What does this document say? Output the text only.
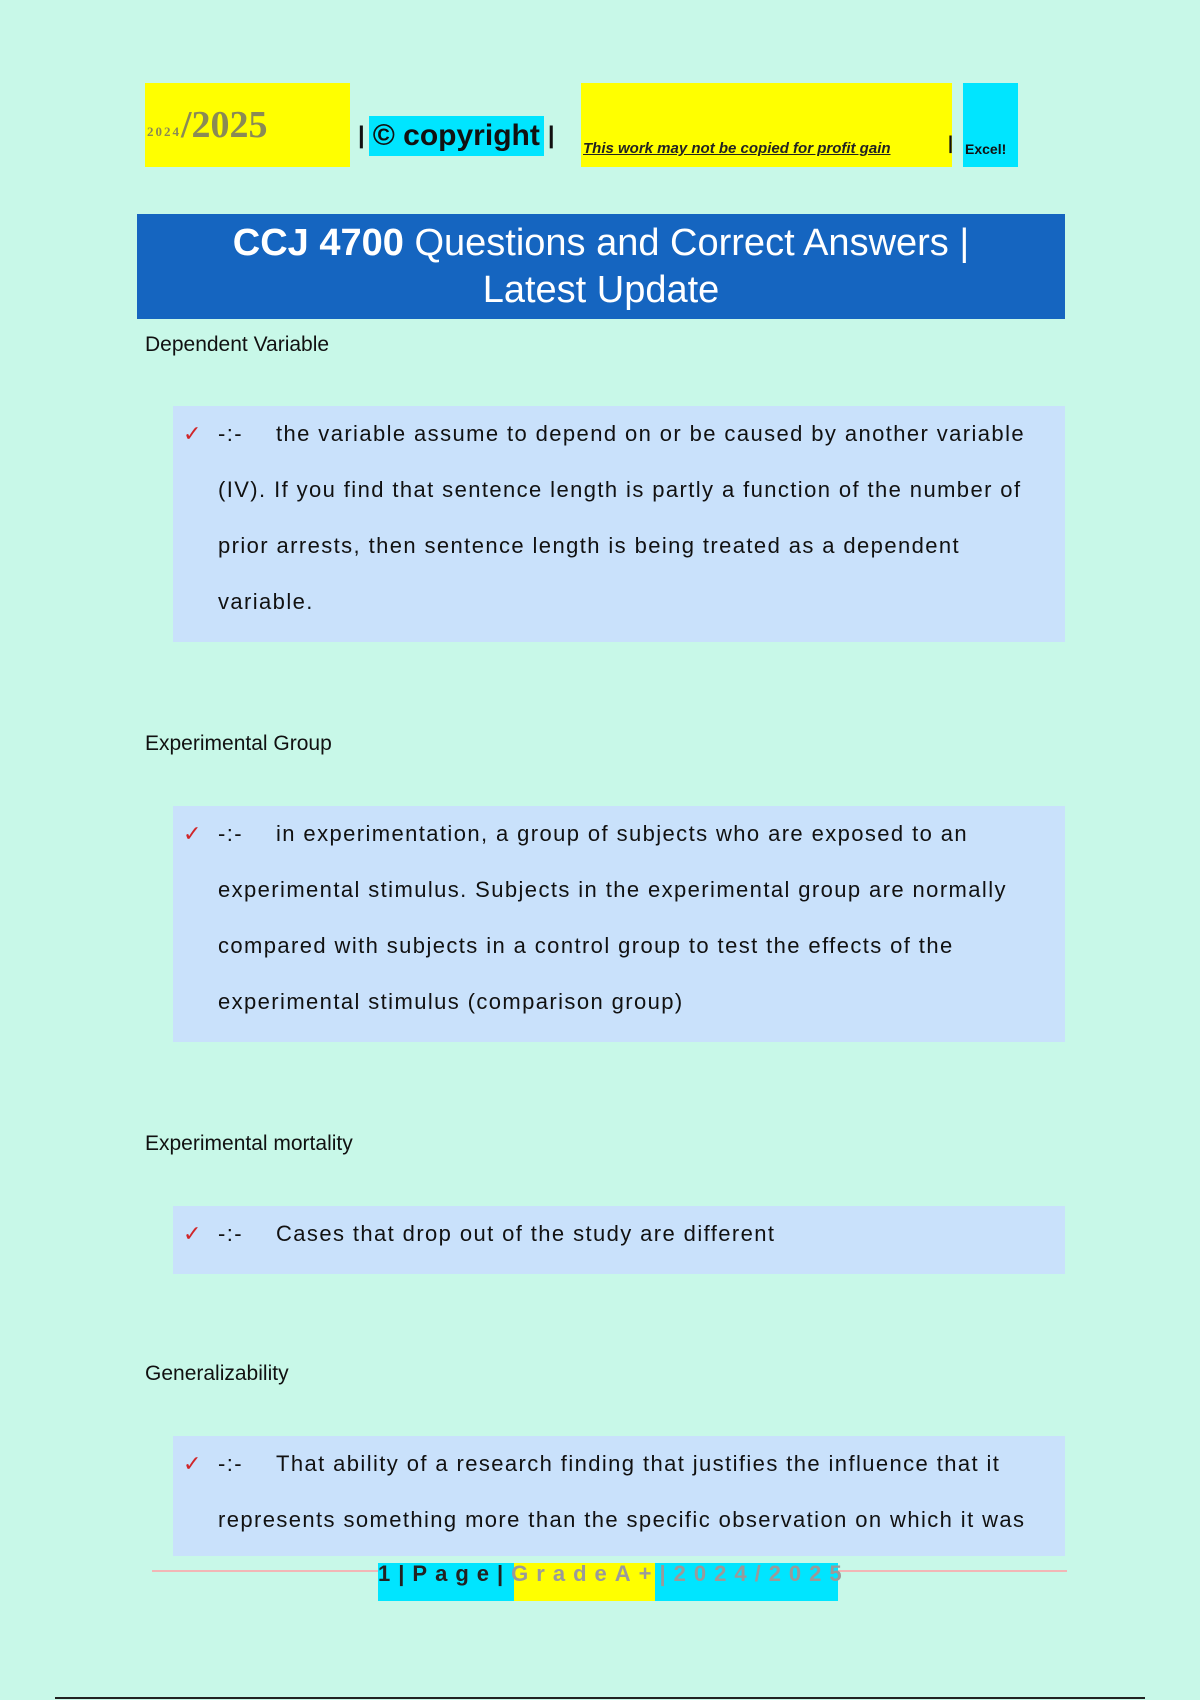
2024 /2025	| © copyright | This work may not be copied for profit gain	| Excel!
CCJ 4700 Questions and Correct Answers |
Latest Update
Dependent Variable
✓ -:- the variable assume to depend on or be caused by another variable
(IV). If you find that sentence length is partly a function of the number of
prior arrests, then sentence length is being treated as a dependent
variable.
Experimental Group
✓ -:- in experimentation, a group of subjects who are exposed to an
experimental stimulus. Subjects in the experimental group are normally
compared with subjects in a control group to test the effects of the
experimental stimulus (comparison group)
Experimental mortality
✓ -:- Cases that drop out of the study are different
Generalizability
✓ -:- That ability of a research finding that justifies the influence that it
represents something more than the specific observation on which it was
1|Page|GradeA+|2024/2025
